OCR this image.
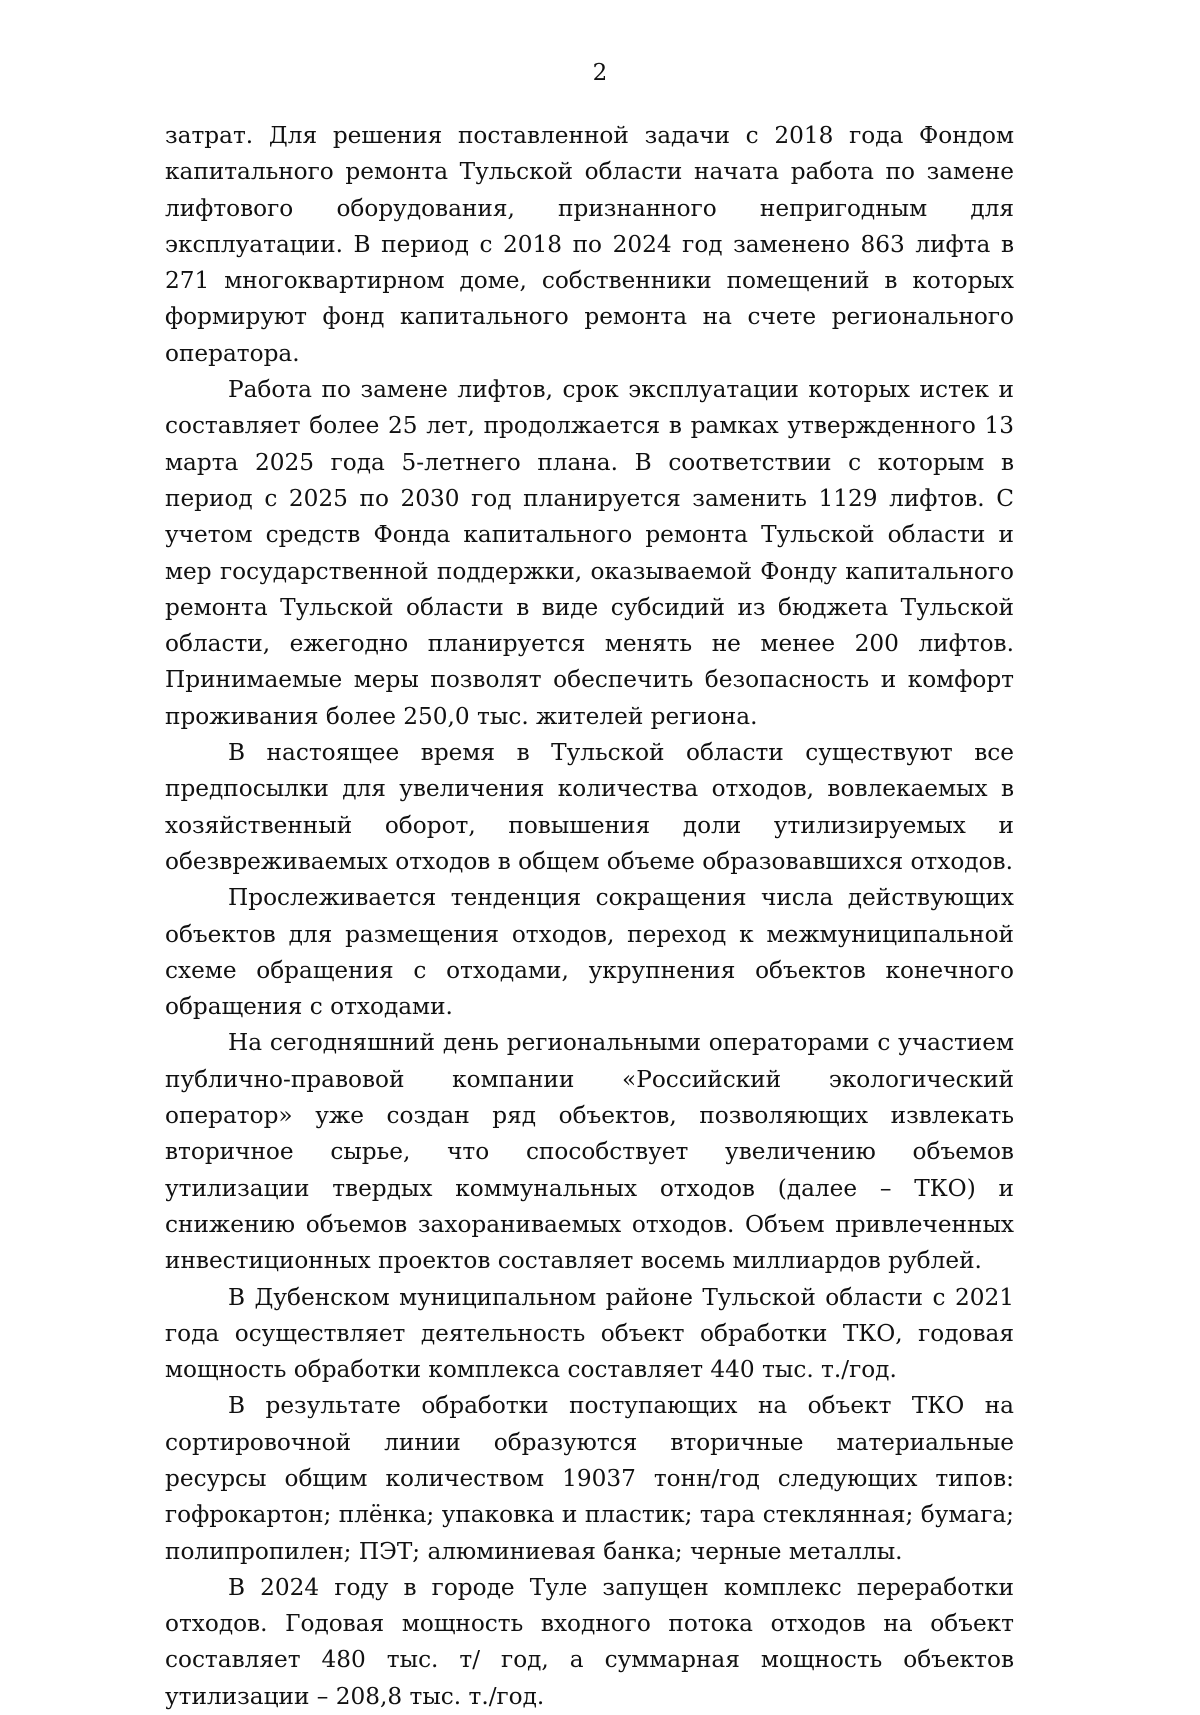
2

затрат. Для решения поставленной задачи с 2018 года Фондом капитального ремонта Тульской области начата работа по замене лифтового оборудования, признанного непригодным для эксплуатации. В период с 2018 по 2024 год заменено 863 лифта в 271 многоквартирном доме, собственники помещений в которых формируют фонд капитального ремонта на счете регионального оператора.

Работа по замене лифтов, срок эксплуатации которых истек и составляет более 25 лет, продолжается в рамках утвержденного 13 марта 2025 года 5-летнего плана. В соответствии с которым в период с 2025 по 2030 год планируется заменить 1129 лифтов. С учетом средств Фонда капитального ремонта Тульской области и мер государственной поддержки, оказываемой Фонду капитального ремонта Тульской области в виде субсидий из бюджета Тульской области, ежегодно планируется менять не менее 200 лифтов. Принимаемые меры позволят обеспечить безопасность и комфорт проживания более 250,0 тыс. жителей региона.

В настоящее время в Тульской области существуют все предпосылки для увеличения количества отходов, вовлекаемых в хозяйственный оборот, повышения доли утилизируемых и обезвреживаемых отходов в общем объеме образовавшихся отходов.

Прослеживается тенденция сокращения числа действующих объектов для размещения отходов, переход к межмуниципальной схеме обращения с отходами, укрупнения объектов конечного обращения с отходами.

На сегодняшний день региональными операторами с участием публично-правовой компании «Российский экологический оператор» уже создан ряд объектов, позволяющих извлекать вторичное сырье, что способствует увеличению объемов утилизации твердых коммунальных отходов (далее – ТКО) и снижению объемов захораниваемых отходов. Объем привлеченных инвестиционных проектов составляет восемь миллиардов рублей.

В Дубенском муниципальном районе Тульской области с 2021 года осуществляет деятельность объект обработки ТКО, годовая мощность обработки комплекса составляет 440 тыс. т./год.

В результате обработки поступающих на объект ТКО на сортировочной линии образуются вторичные материальные ресурсы общим количеством 19037 тонн/год следующих типов: гофрокартон; плёнка; упаковка и пластик; тара стеклянная; бумага; полипропилен; ПЭТ; алюминиевая банка; черные металлы.

В 2024 году в городе Туле запущен комплекс переработки отходов. Годовая мощность входного потока отходов на объект составляет 480 тыс. т/ год, а суммарная мощность объектов утилизации – 208,8 тыс. т./год.
